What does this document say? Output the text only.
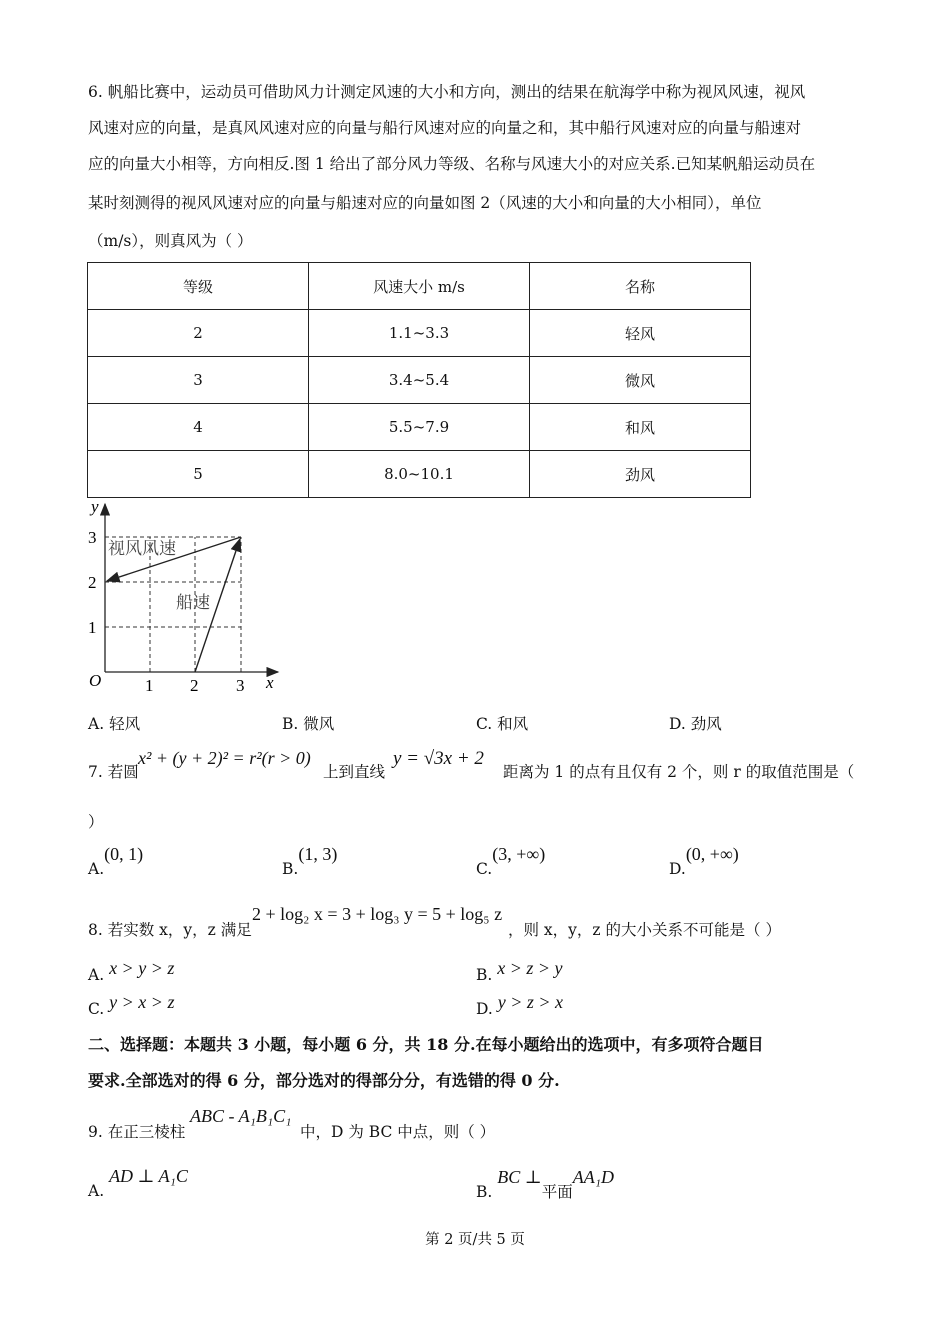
6. 帆船比赛中，运动员可借助风力计测定风速的大小和方向，测出的结果在航海学中称为视风风速，视风
风速对应的向量，是真风风速对应的向量与船行风速对应的向量之和，其中船行风速对应的向量与船速对
应的向量大小相等，方向相反.图 1 给出了部分风力等级、名称与风速大小的对应关系.已知某帆船运动员在
某时刻测得的视风风速对应的向量与船速对应的向量如图 2（风速的大小和向量的大小相同），单位
（m/s），则真风为（ ）
等级	风速大小 m/s	名称
2	1.1~3.3	轻风
3	3.4~5.4	微风
4	5.5~7.9	和风
5	8.0~10.1	劲风
y
x
O	1 2 3
1
2
3
视风风速
船速
A. 轻风	B. 微风	C. 和风	D. 劲风
7. 若圆
x² + (y + 2)² = r²(r > 0)
上到直线
y = √3x + 2
距离为 1 的点有且仅有 2 个，则 r 的取值范围是（
）
A.(0, 1)
B.(1, 3)
C.(3, +∞)
D.(0, +∞)
8. 若实数 x，y，z 满足
2 + log₂ x = 3 + log₃ y = 5 + log₅ z
，则 x，y，z 的大小关系不可能是（ ）
A. x > y > z	B. x > z > y
C. y > x > z	D. y > z > x
二、选择题：本题共 3 小题，每小题 6 分，共 18 分.在每小题给出的选项中，有多项符合题目
要求.全部选对的得 6 分，部分选对的得部分分，有选错的得 0 分.
9. 在正三棱柱
ABC - A₁B₁C₁
中，D 为 BC 中点，则（ ）
A. AD ⊥ A₁C
B. BC ⊥平面AA₁D
第 2 页/共 5 页
